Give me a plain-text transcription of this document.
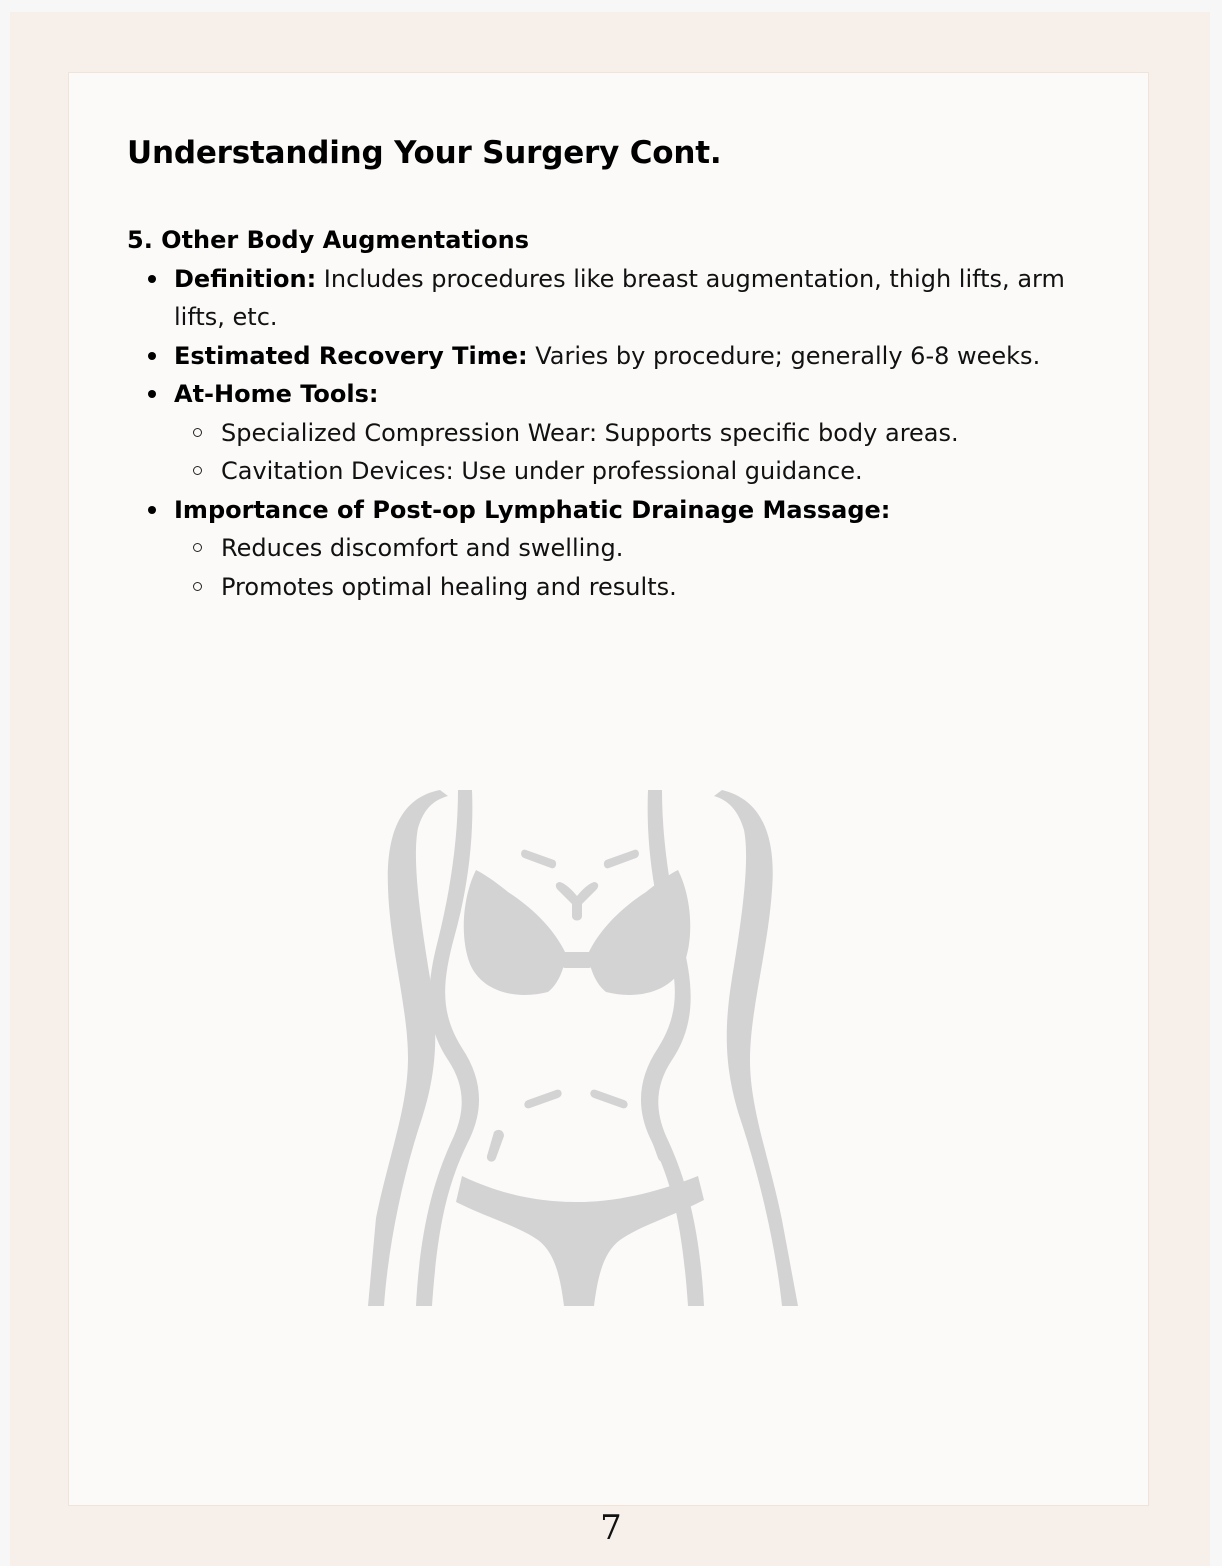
Understanding Your Surgery Cont.

5. Other Body Augmentations

Definition: Includes procedures like breast augmentation, thigh lifts, arm lifts, etc.
Estimated Recovery Time: Varies by procedure; generally 6-8 weeks.
At-Home Tools:
Specialized Compression Wear: Supports specific body areas.
Cavitation Devices: Use under professional guidance.
Importance of Post-op Lymphatic Drainage Massage:
Reduces discomfort and swelling.
Promotes optimal healing and results.
7
